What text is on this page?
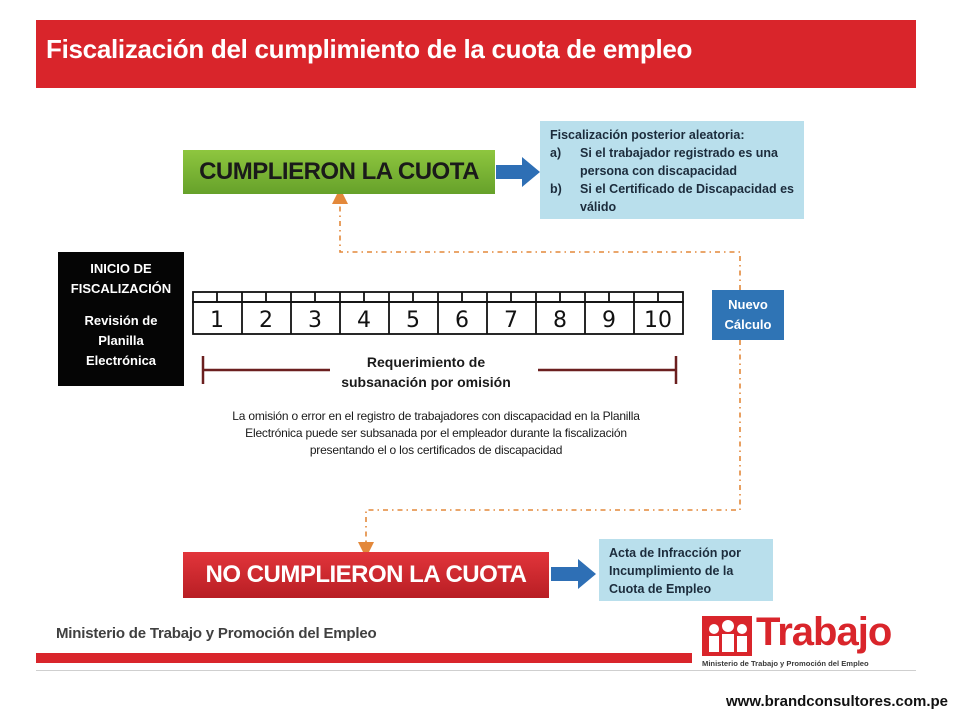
Fiscalización del cumplimiento de la cuota de empleo
1 2 3 4 5 6 7 8 9 10
CUMPLIERON LA CUOTA
Fiscalización posterior aleatoria:
a)	Si el trabajador registrado es una persona con discapacidad
b)	Si el Certificado de Discapacidad es válido
INICIO DE
FISCALIZACIÓN
Revisión de
Planilla
Electrónica
Nuevo
Cálculo
Requerimiento de
subsanación por omisión
La omisión o error en el registro de trabajadores con discapacidad en la Planilla
Electrónica puede ser subsanada por el empleador durante la fiscalización
presentando el o los certificados de discapacidad
NO CUMPLIERON LA CUOTA
Acta de Infracción por
Incumplimiento de la
Cuota de Empleo
Ministerio de Trabajo y Promoción del Empleo	Trabajo
Ministerio de Trabajo y Promoción del Empleo
www.brandconsultores.com.pe
